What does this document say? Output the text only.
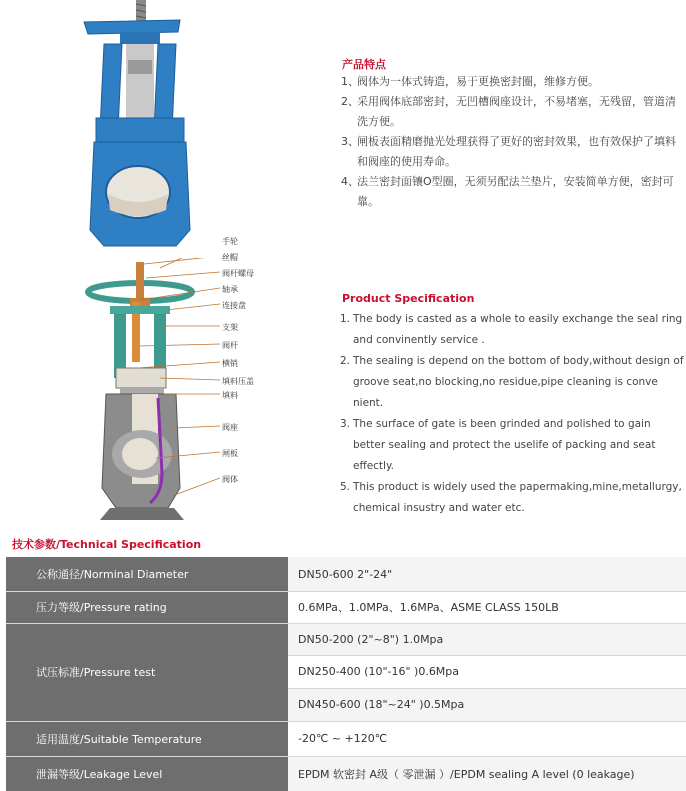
手轮
丝帽
阀杆螺母
轴承
连接盘
支架
阀杆
横销
填料压盖
填料
阀座
闸板
阀体
产品特点
1、
阀体为一体式铸造，易于更换密封圈，维修方便。
2、
采用阀体底部密封，无凹槽阀座设计，不易堵塞，无残留，管道清洗方便。
3、
闸板表面精磨抛光处理获得了更好的密封效果，也有效保护了填料和阀座的使用寿命。
4、
法兰密封面镶O型圈，无须另配法兰垫片，安装简单方便，密封可靠。
Product Specification
1. The body is casted as a whole to easily exchange the seal ring and convinently service .
2. The sealing is depend on the bottom of body,without design of groove seat,no blocking,no residue,pipe cleaning is conve nient.
3. The surface of gate is been grinded and polished to gain better sealing and protect the uselife of packing and seat effectly.
5. This product is widely used the papermaking,mine,metallurgy, chemical insustry and water etc.
技术参数/Technical Specification
公称通径/Norminal Diameter	DN50-600 2"-24"
压力等级/Pressure rating	0.6MPa、1.0MPa、1.6MPa、ASME CLASS 150LB
试压标准/Pressure test
DN50-200 (2"~8") 1.0Mpa
DN250-400 (10"-16" )0.6Mpa
DN450-600 (18"~24" )0.5Mpa
适用温度/Suitable Temperature	-20℃ ~ +120℃
泄漏等级/Leakage Level	EPDM 软密封 A级（ 零泄漏 ）/EPDM sealing A level (0 leakage)
